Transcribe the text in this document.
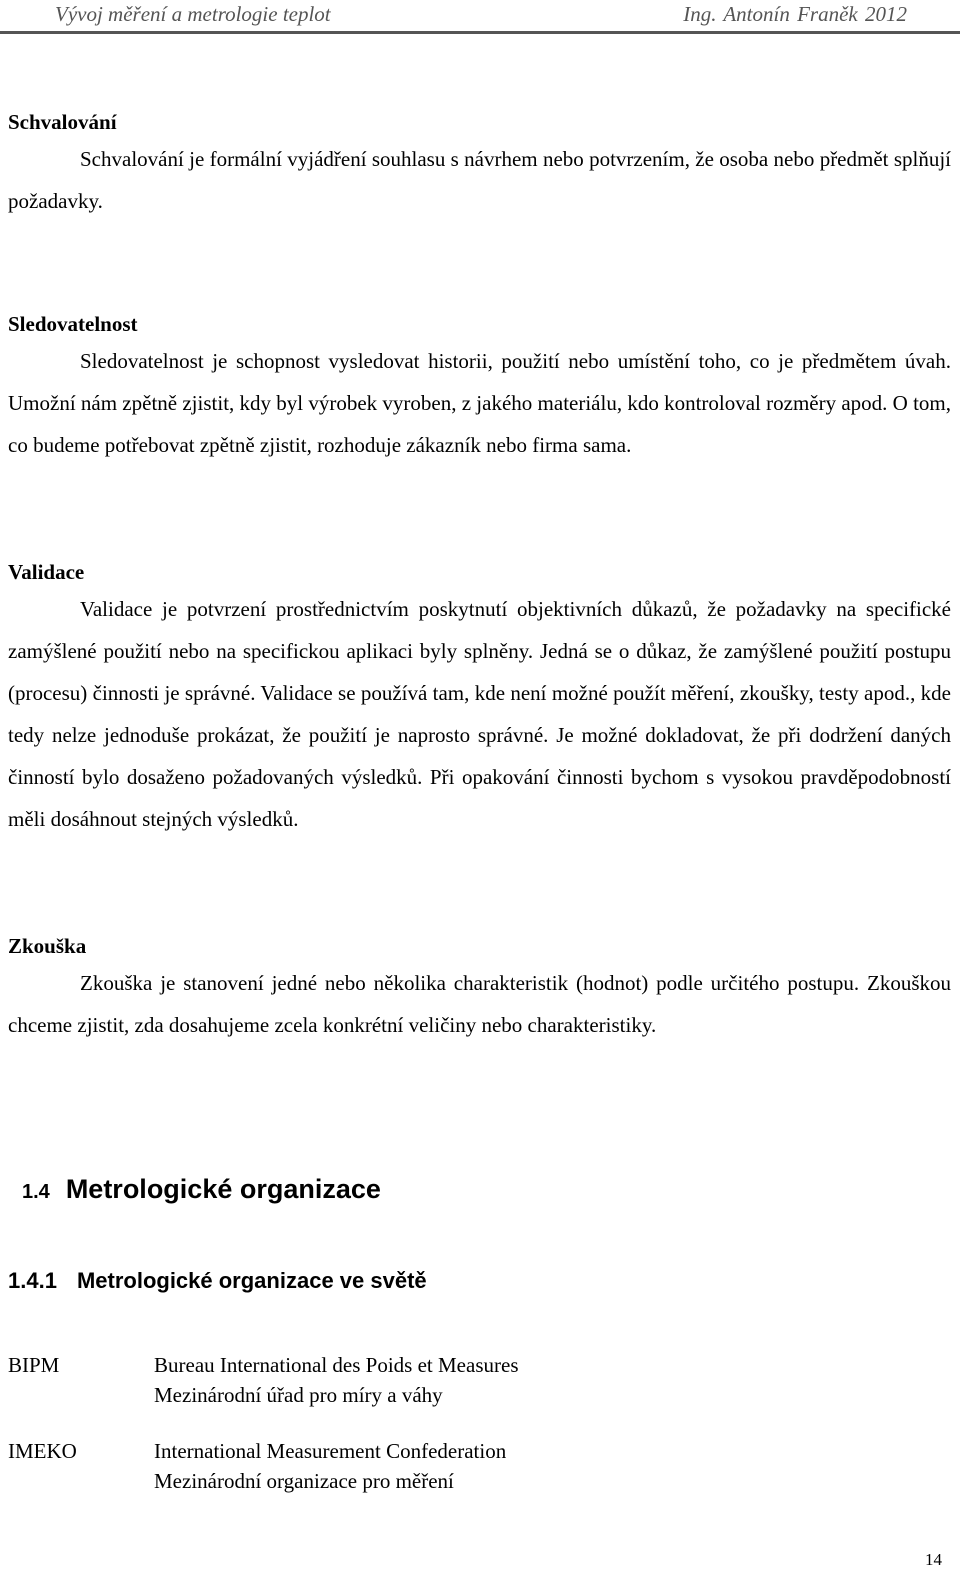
Vývoj měření a metrologie teplot	Ing. Antonín Franěk 2012

Schvalování

Schvalování je formální vyjádření souhlasu s návrhem nebo potvrzením, že osoba nebo předmět splňují požadavky.

Sledovatelnost

Sledovatelnost je schopnost vysledovat historii, použití nebo umístění toho, co je předmětem úvah. Umožní nám zpětně zjistit, kdy byl výrobek vyroben, z jakého materiálu, kdo kontroloval rozměry apod. O tom, co budeme potřebovat zpětně zjistit, rozhoduje zákazník nebo firma sama.

Validace

Validace je potvrzení prostřednictvím poskytnutí objektivních důkazů, že požadavky na specifické zamýšlené použití nebo na specifickou aplikaci byly splněny. Jedná se o důkaz, že zamýšlené použití postupu (procesu) činnosti je správné. Validace se používá tam, kde není možné použít měření, zkoušky, testy apod., kde tedy nelze jednoduše prokázat, že použití je naprosto správné. Je možné dokladovat, že při dodržení daných činností bylo dosaženo požadovaných výsledků. Při opakování činnosti bychom s vysokou pravděpodobností měli dosáhnout stejných výsledků.

Zkouška

Zkouška je stanovení jedné nebo několika charakteristik (hodnot) podle určitého postupu. Zkouškou chceme zjistit, zda dosahujeme zcela konkrétní veličiny nebo charakteristiky.

1.4 Metrologické organizace
1.4.1 Metrologické organizace ve světě
BIPM	Bureau International des Poids et Measures
Mezinárodní úřad pro míry a váhy
IMEKO	International Measurement Confederation
Mezinárodní organizace pro měření
14
